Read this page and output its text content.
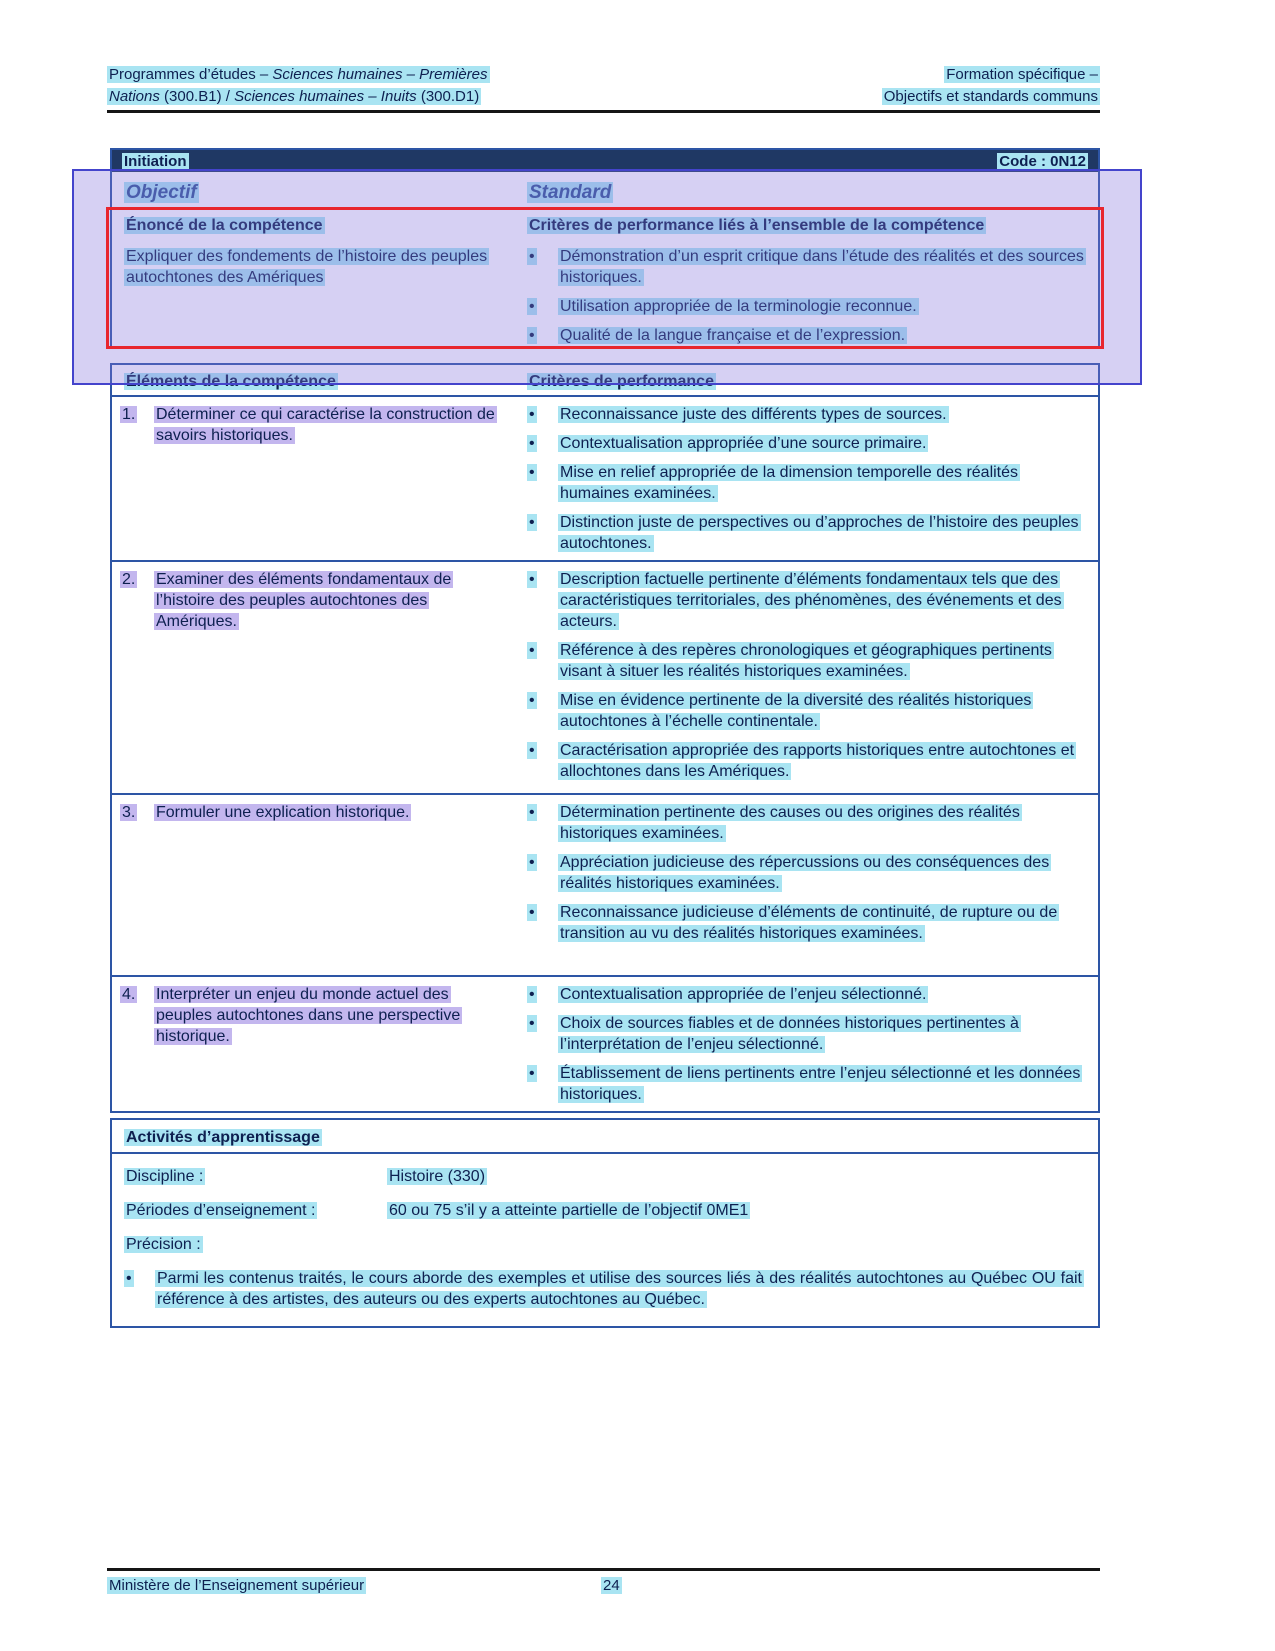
Programmes d’études – Sciences humaines – Premières
Nations (300.B1) / Sciences humaines – Inuits (300.D1)
Formation spécifique –
Objectifs et standards communs
Initiation	Code : 0N12
Objectif	Standard
Énoncé de la compétence	Critères de performance liés à l’ensemble de la compétence
Expliquer des fondements de l’histoire des peuples autochtones des Amériques
•	Démonstration d’un esprit critique dans l’étude des réalités et des sources historiques.
•	Utilisation appropriée de la terminologie reconnue.
•	Qualité de la langue française et de l’expression.
Éléments de la compétence	Critères de performance
1.	Déterminer ce qui caractérise la construction de savoirs historiques.
•	Reconnaissance juste des différents types de sources.
•	Contextualisation appropriée d’une source primaire.
•	Mise en relief appropriée de la dimension temporelle des réalités humaines examinées.
•	Distinction juste de perspectives ou d’approches de l’histoire des peuples autochtones.
2.	Examiner des éléments fondamentaux de l’histoire des peuples autochtones des Amériques.
•	Description factuelle pertinente d’éléments fondamentaux tels que des caractéristiques territoriales, des phénomènes, des événements et des acteurs.
•	Référence à des repères chronologiques et géographiques pertinents visant à situer les réalités historiques examinées.
•	Mise en évidence pertinente de la diversité des réalités historiques autochtones à l’échelle continentale.
•	Caractérisation appropriée des rapports historiques entre autochtones et allochtones dans les Amériques.
3.	Formuler une explication historique.	•	Détermination pertinente des causes ou des origines des réalités historiques examinées.
•	Appréciation judicieuse des répercussions ou des conséquences des réalités historiques examinées.
•	Reconnaissance judicieuse d’éléments de continuité, de rupture ou de transition au vu des réalités historiques examinées.
4.	Interpréter un enjeu du monde actuel des peuples autochtones dans une perspective historique.
•	Contextualisation appropriée de l’enjeu sélectionné.
•	Choix de sources fiables et de données historiques pertinentes à l’interprétation de l’enjeu sélectionné.
•	Établissement de liens pertinents entre l’enjeu sélectionné et les données historiques.
Activités d’apprentissage
Discipline :	Histoire (330)
Périodes d’enseignement :	60 ou 75 s’il y a atteinte partielle de l’objectif 0ME1
Précision :
•	Parmi les contenus traités, le cours aborde des exemples et utilise des sources liés à des réalités autochtones au Québec OU fait référence à des artistes, des auteurs ou des experts autochtones au Québec.
Ministère de l’Enseignement supérieur	24
